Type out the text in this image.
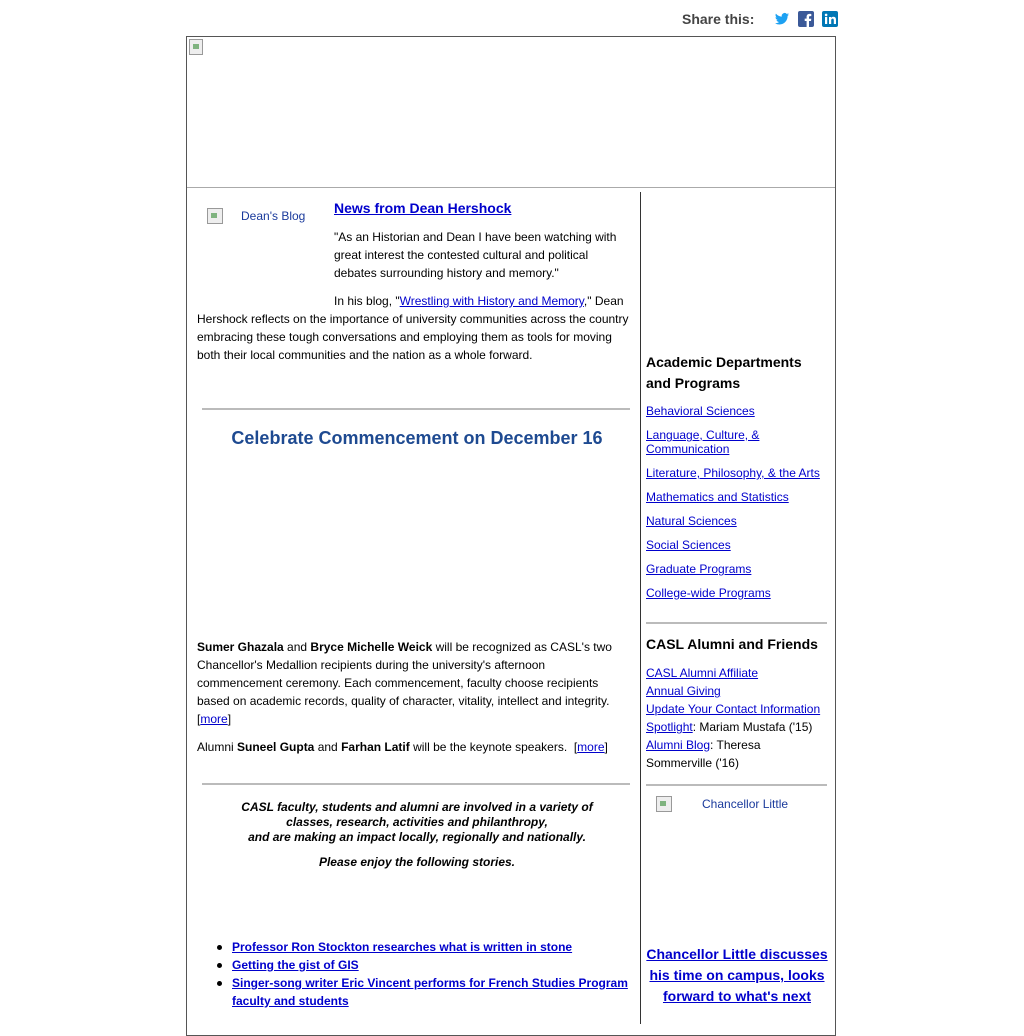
Share this:
Dean's Blog News from Dean Hershock
"As an Historian and Dean I have been watching with great interest the contested cultural and political debates surrounding history and memory."
In his blog, "Wrestling with History and Memory," Dean Hershock reflects on the importance of university communities across the country embracing these tough conversations and employing them as tools for moving both their local communities and the nation as a whole forward.
Celebrate Commencement on December 16
Sumer Ghazala and Bryce Michelle Weick will be recognized as CASL's two Chancellor's Medallion recipients during the university's afternoon commencement ceremony. Each commencement, faculty choose recipients based on academic records, quality of character, vitality, intellect and integrity. [more]
Alumni Suneel Gupta and Farhan Latif will be the keynote speakers.  [more]
CASL faculty, students and alumni are involved in a variety of
classes, research, activities and philanthropy,
and are making an impact locally, regionally and nationally.
Please enjoy the following stories.
Professor Ron Stockton researches what is written in stone
Getting the gist of GIS
Singer-song writer Eric Vincent performs for French Studies Program faculty and students
Academic Departments and Programs
Behavioral Sciences
Language, Culture, & Communication
Literature, Philosophy, & the Arts
Mathematics and Statistics
Natural Sciences
Social Sciences
Graduate Programs
College-wide Programs
CASL Alumni and Friends
CASL Alumni Affiliate
Annual Giving
Update Your Contact Information
Spotlight: Mariam Mustafa ('15)
Alumni Blog: Theresa Sommerville ('16)
Chancellor Little
Chancellor Little discusses his time on campus, looks forward to what's next
